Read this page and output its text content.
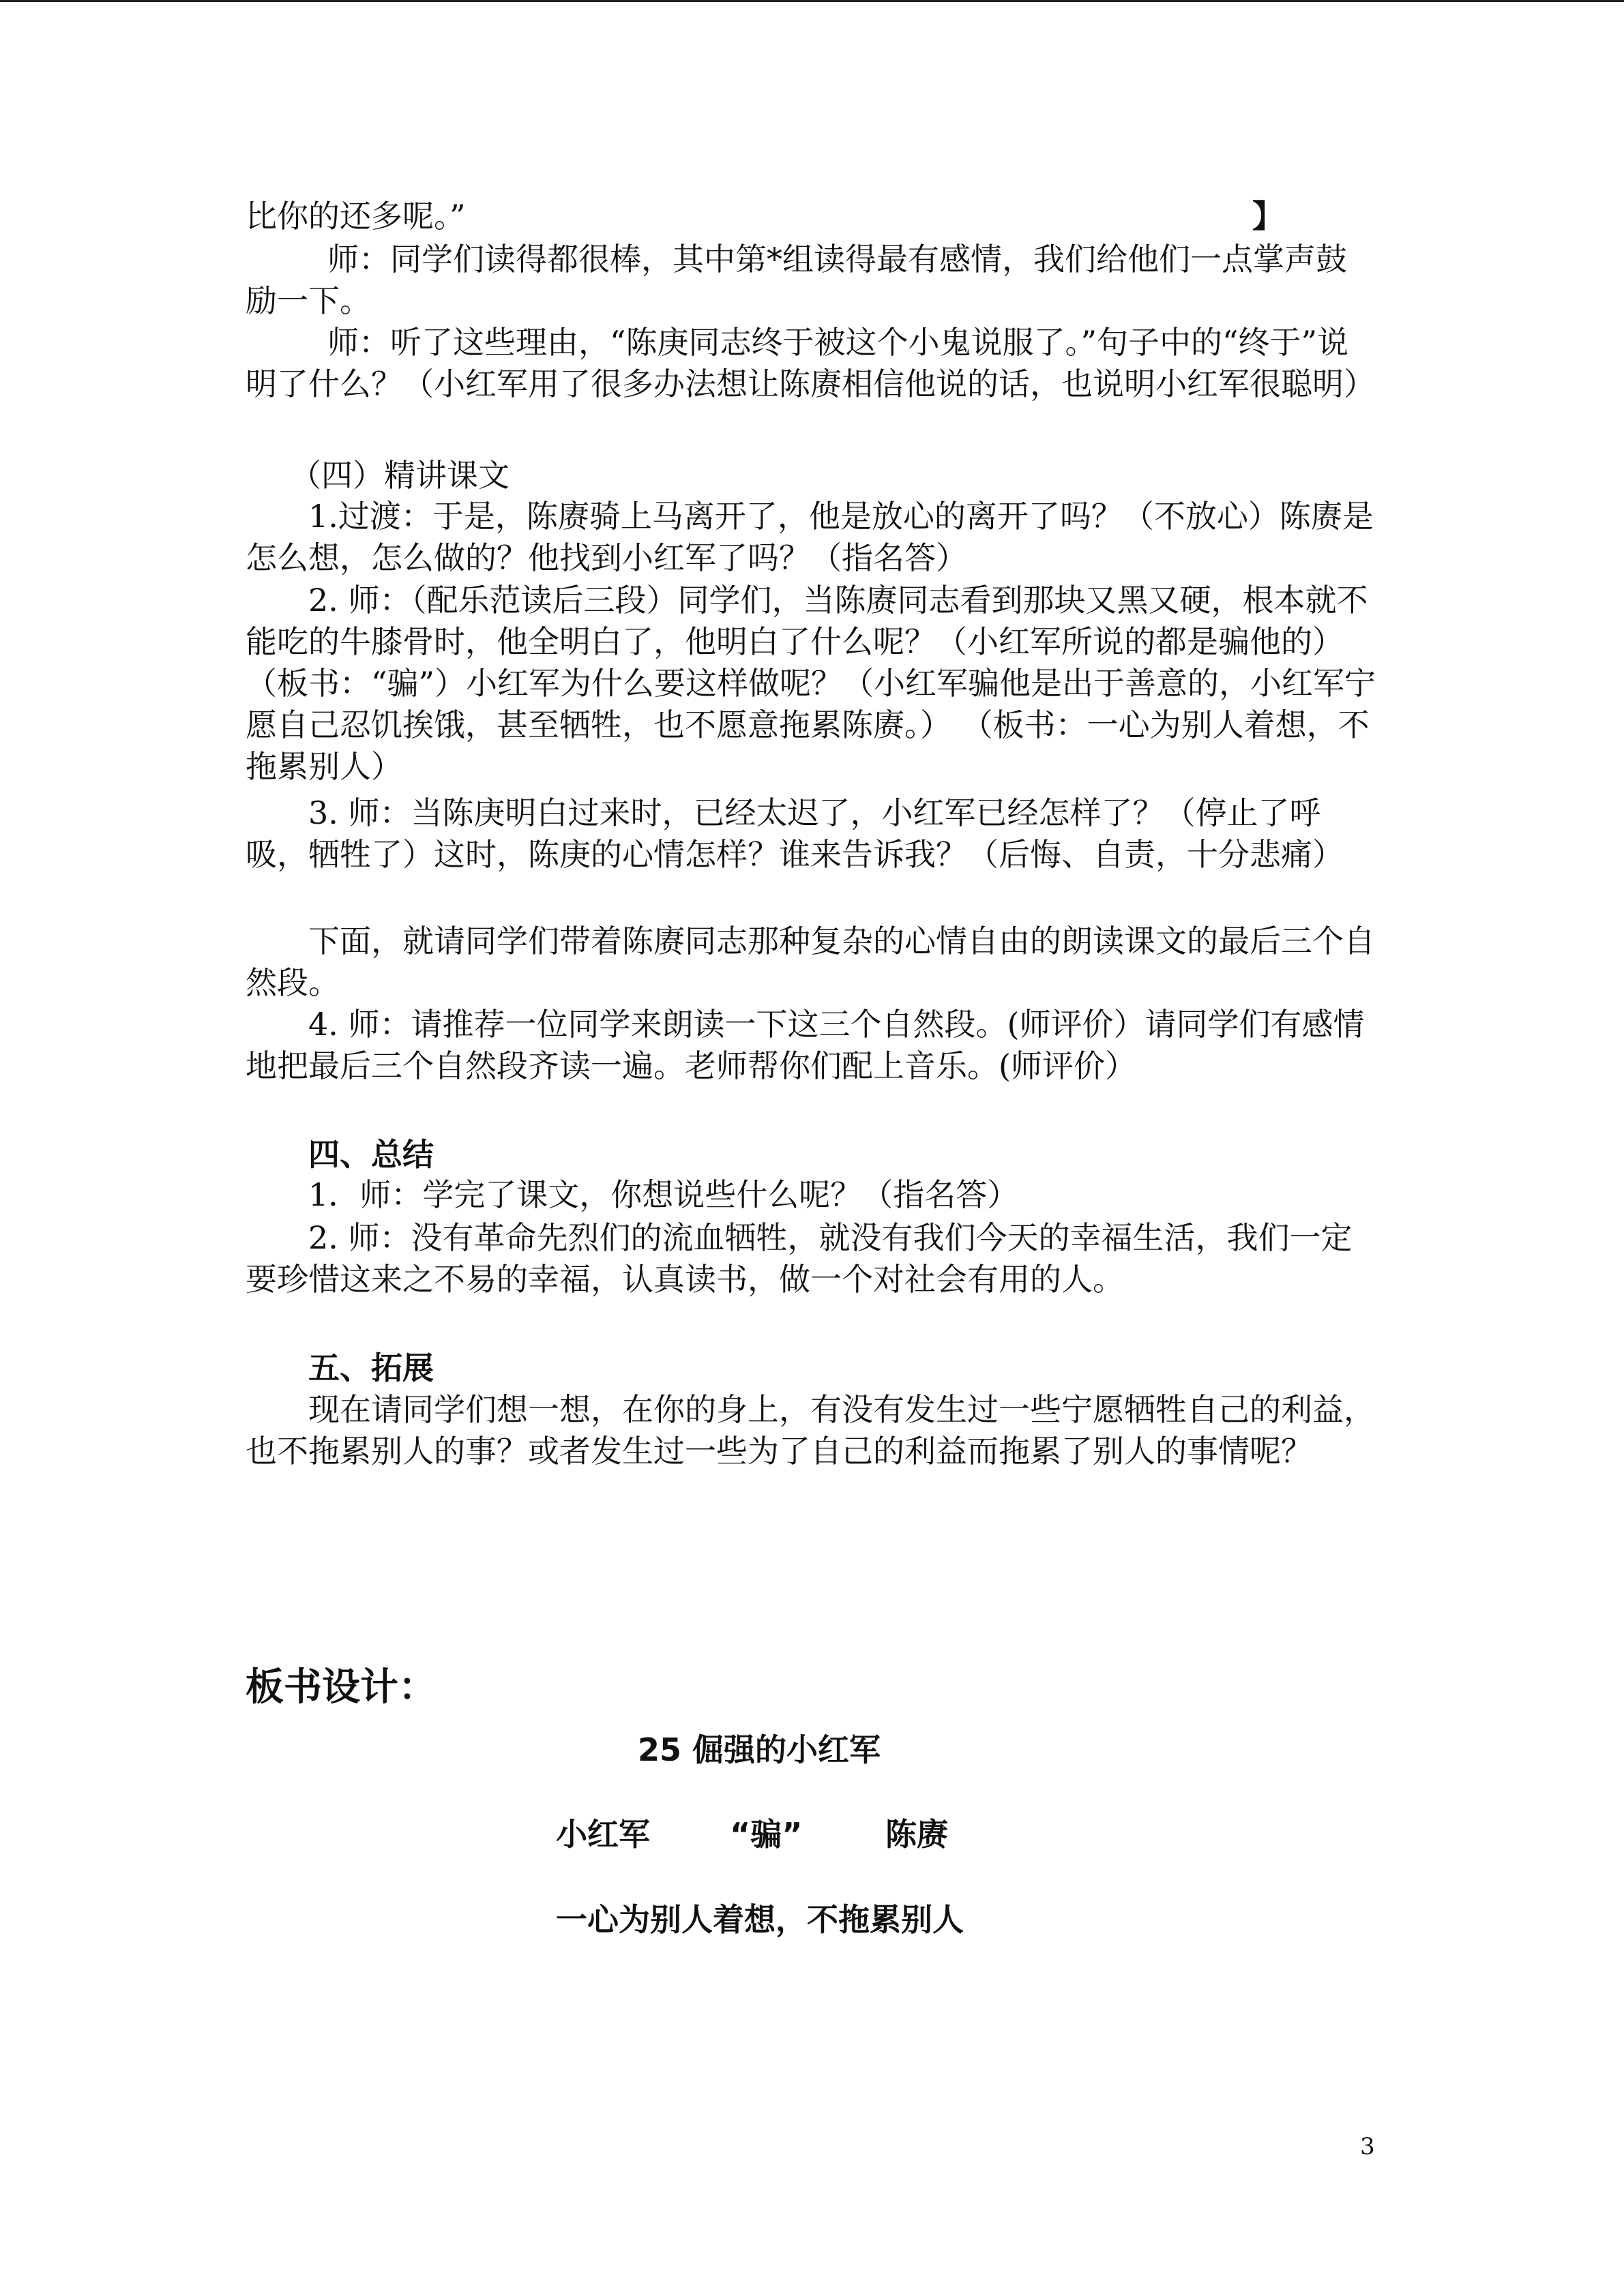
比你的还多呢。”	】

师：同学们读得都很棒，其中第*组读得最有感情，我们给他们一点掌声鼓励一下。

师：听了这些理由，“陈庚同志终于被这个小鬼说服了。”句子中的“终于”说明了什么？（小红军用了很多办法想让陈赓相信他说的话，也说明小红军很聪明）

（四）精讲课文

1.过渡：于是，陈赓骑上马离开了，他是放心的离开了吗？（不放心）陈赓是怎么想，怎么做的？他找到小红军了吗？（指名答）

2. 师：（配乐范读后三段）同学们，当陈赓同志看到那块又黑又硬，根本就不能吃的牛膝骨时，他全明白了，他明白了什么呢？（小红军所说的都是骗他的）（板书：“骗”）小红军为什么要这样做呢？（小红军骗他是出于善意的，小红军宁愿自己忍饥挨饿，甚至牺牲，也不愿意拖累陈赓。） （板书：一心为别人着想，不拖累别人）

3. 师：当陈庚明白过来时，已经太迟了，小红军已经怎样了？（停止了呼吸，牺牲了）这时，陈庚的心情怎样？谁来告诉我？（后悔、自责，十分悲痛）

下面，就请同学们带着陈赓同志那种复杂的心情自由的朗读课文的最后三个自然段。

4. 师：请推荐一位同学来朗读一下这三个自然段。(师评价）请同学们有感情地把最后三个自然段齐读一遍。老师帮你们配上音乐。(师评价）

四、总结

1．师：学完了课文，你想说些什么呢？（指名答）

2. 师：没有革命先烈们的流血牺牲，就没有我们今天的幸福生活，我们一定要珍惜这来之不易的幸福，认真读书，做一个对社会有用的人。

五、拓展

现在请同学们想一想，在你的身上，有没有发生过一些宁愿牺牲自己的利益，也不拖累别人的事？或者发生过一些为了自己的利益而拖累了别人的事情呢？

板书设计：
25 倔强的小红军
小红军	“骗”	陈赓
一心为别人着想，不拖累别人
3
